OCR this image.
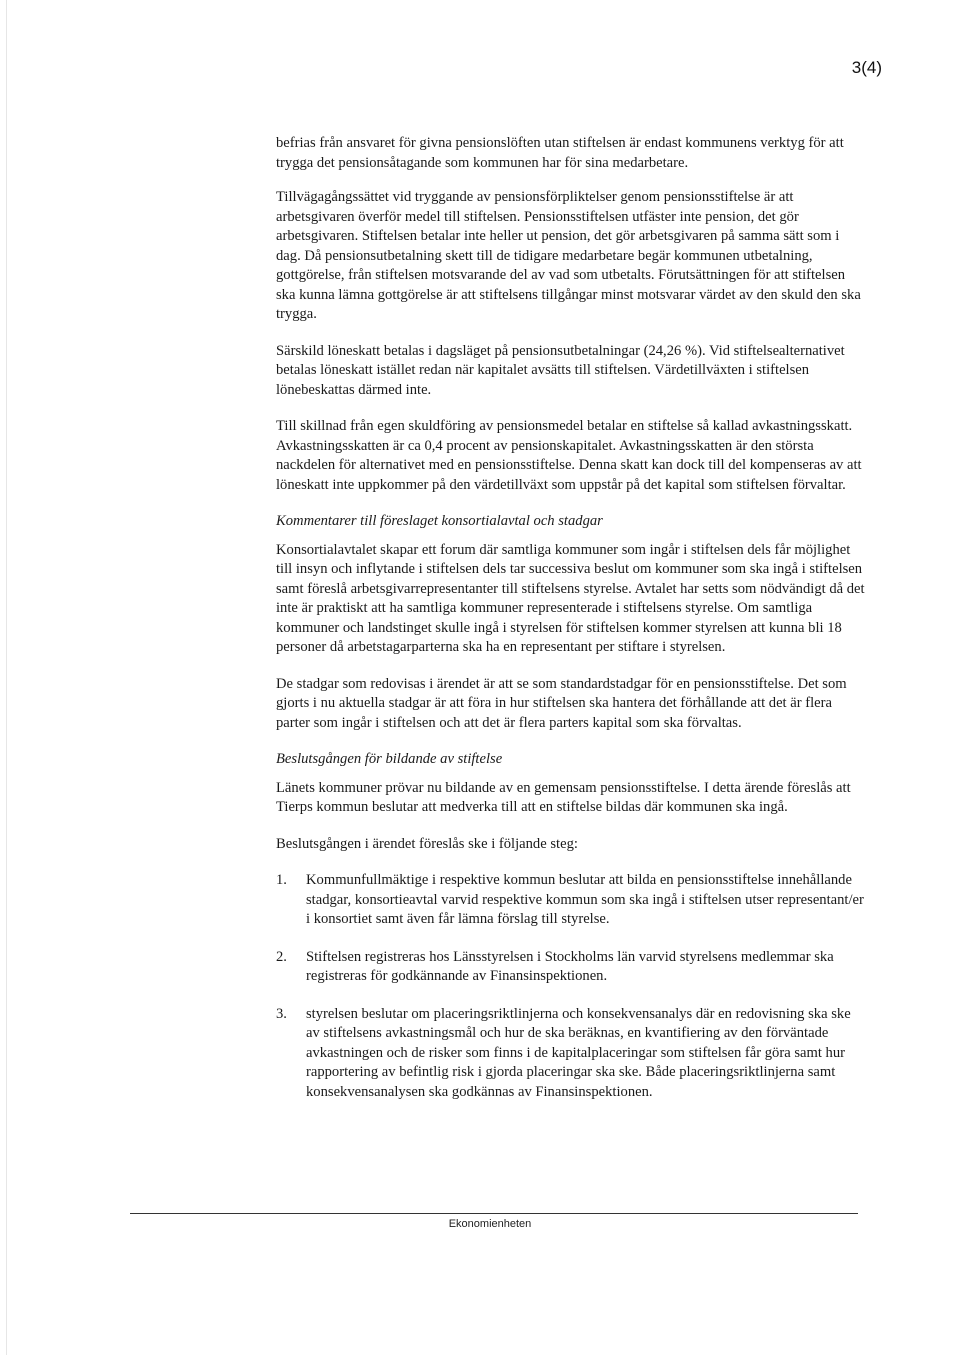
3(4)

befrias från ansvaret för givna pensionslöften utan stiftelsen är endast kommunens verktyg för att trygga det pensionsåtagande som kommunen har för sina medarbetare.

Tillvägagångssättet vid tryggande av pensionsförpliktelser genom pensionsstiftelse är att arbetsgivaren överför medel till stiftelsen. Pensionsstiftelsen utfäster inte pension, det gör arbetsgivaren. Stiftelsen betalar inte heller ut pension, det gör arbetsgivaren på samma sätt som i dag. Då pensionsutbetalning skett till de tidigare medarbetare begär kommunen utbetalning, gottgörelse, från stiftelsen motsvarande del av vad som utbetalts. Förutsättningen för att stiftelsen ska kunna lämna gottgörelse är att stiftelsens tillgångar minst motsvarar värdet av den skuld den ska trygga.

Särskild löneskatt betalas i dagsläget på pensionsutbetalningar (24,26 %). Vid stiftelsealternativet betalas löneskatt istället redan när kapitalet avsätts till stiftelsen. Värdetillväxten i stiftelsen lönebeskattas därmed inte.

Till skillnad från egen skuldföring av pensionsmedel betalar en stiftelse så kallad avkastningsskatt. Avkastningsskatten är ca 0,4 procent av pensionskapitalet. Avkastningsskatten är den största nackdelen för alternativet med en pensionsstiftelse. Denna skatt kan dock till del kompenseras av att löneskatt inte uppkommer på den värdetillväxt som uppstår på det kapital som stiftelsen förvaltar.

Kommentarer till föreslaget konsortialavtal och stadgar

Konsortialavtalet skapar ett forum där samtliga kommuner som ingår i stiftelsen dels får möjlighet till insyn och inflytande i stiftelsen dels tar successiva beslut om kommuner som ska ingå i stiftelsen samt föreslå arbetsgivarrepresentanter till stiftelsens styrelse. Avtalet har setts som nödvändigt då det inte är praktiskt att ha samtliga kommuner representerade i stiftelsens styrelse. Om samtliga kommuner och landstinget skulle ingå i styrelsen för stiftelsen kommer styrelsen att kunna bli 18 personer då arbetstagarparterna ska ha en representant per stiftare i styrelsen.

De stadgar som redovisas i ärendet är att se som standardstadgar för en pensionsstiftelse. Det som gjorts i nu aktuella stadgar är att föra in hur stiftelsen ska hantera det förhållande att det är flera parter som ingår i stiftelsen och att det är flera parters kapital som ska förvaltas.

Beslutsgången för bildande av stiftelse

Länets kommuner prövar nu bildande av en gemensam pensionsstiftelse. I detta ärende föreslås att Tierps kommun beslutar att medverka till att en stiftelse bildas där kommunen ska ingå.

Beslutsgången i ärendet föreslås ske i följande steg:

1. Kommunfullmäktige i respektive kommun beslutar att bilda en pensionsstiftelse innehållande stadgar, konsortieavtal varvid respektive kommun som ska ingå i stiftelsen utser representant/er i konsortiet samt även får lämna förslag till styrelse.
2. Stiftelsen registreras hos Länsstyrelsen i Stockholms län varvid styrelsens medlemmar ska registreras för godkännande av Finansinspektionen.
3. styrelsen beslutar om placeringsriktlinjerna och konsekvensanalys där en redovisning ska ske av stiftelsens avkastningsmål och hur de ska beräknas, en kvantifiering av den förväntade avkastningen och de risker som finns i de kapitalplaceringar som stiftelsen får göra samt hur rapportering av befintlig risk i gjorda placeringar ska ske. Både placeringsriktlinjerna samt konsekvensanalysen ska godkännas av Finansinspektionen.
Ekonomienheten
